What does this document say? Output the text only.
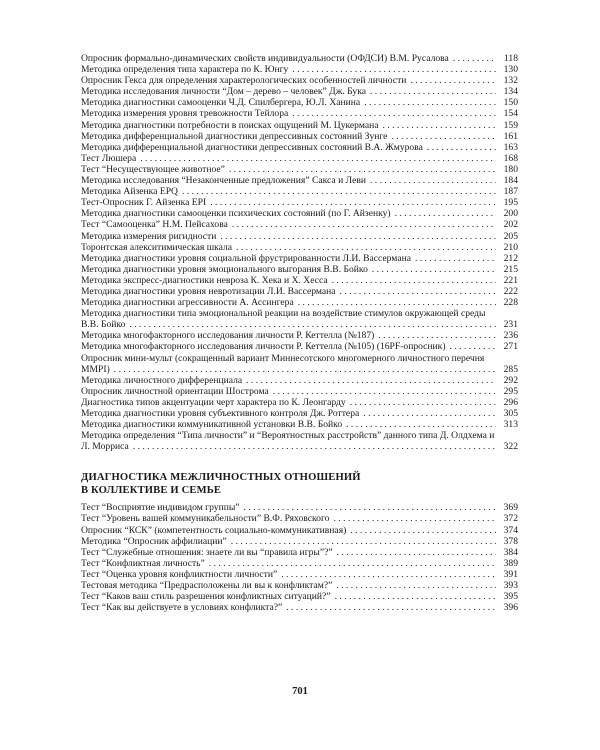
Опросник формально-динамических свойств индивидуальности (ОФДСИ) В.М. Русалова . . .	118
Методика определения типа характера по К. Юнгу . . .	130
Опросник Гекса для определения характерологических особенностей личности . . .	132
Методика исследования личности “Дом – дерево – человек” Дж. Бука . . .	134
Методика диагностики самооценки Ч.Д. Спилбергера, Ю.Л. Ханина . . .	150
Методика измерения уровня тревожности Тейлора . . .	154
Методика диагностики потребности в поисках ощущений М. Цукермана . . .	159
Методика дифференциальной диагностики депрессивных состояний Зунге . . .	161
Методика дифференциальной диагностики депрессивных состояний В.А. Жмурова . . .	163
Тест Люшера . . .	168
Тест “Несуществующее животное” . . .	180
Методика исследования “Незаконченные предложения” Сакса и Леви . . .	184
Методика Айзенка EPQ . . .	187
Тест-Опросник Г. Айзенка EPI . . .	195
Методика диагностики самооценки психических состояний (по Г. Айзенку) . . .	200
Тест “Самооценка” Н.М. Пейсахова . . .	202
Методика измерения ригидности . . .	205
Торонтская алекситимическая шкала . . .	210
Методика диагностики уровня социальной фрустрированности Л.И. Вассермана . . .	212
Методика диагностики уровня эмоционального выгорания В.В. Бойко . . .	215
Методика экспресс-диагностики невроза К. Хека и Х. Хесса . . .	221
Методика диагностики уровня невротизации Л.И. Вассермана . . .	222
Методика диагностики агрессивности А. Ассингера . . .	228
Методика диагностики типа эмоциональной реакции на воздействие стимулов окружающей среды В.В. Бойко . . .	231
Методика многофакторного исследования личности Р. Кеттелла (№187) . . .	236
Методика многофакторного исследования личности Р. Кеттелла (№105) (16PF-опросник) . . .	271
Опросник мини-мульт (сокращенный вариант Миннесотского многомерного личностного перечня MMPI) . . .	285
Методика личностного дифференциала . . .	292
Опросник личностной ориентации Шострома . . .	295
Диагностика типов акцентуации черт характера по К. Леонгарду . . .	296
Методика диагностики уровня субъективного контроля Дж. Роттера . . .	305
Методика диагностики коммуникативной установки В.В. Бойко . . .	313
Методика определения “Типа личности” и “Вероятностных расстройств” данного типа Д. Олдхема и Л. Морриса . . .	322
ДИАГНОСТИКА МЕЖЛИЧНОСТНЫХ ОТНОШЕНИЙ
В КОЛЛЕКТИВЕ И СЕМЬЕ
Тест “Восприятие индивидом группы” . . .	369
Тест “Уровень вашей коммуникабельности” В.Ф. Ряховского . . .	372
Опросник “КСК” (компетентность социально-коммуникативная) . . .	374
Методика “Опросник аффилиации” . . .	378
Тест “Служебные отношения: знаете ли вы “правила игры”?” . . .	384
Тест “Конфликтная личность” . . .	389
Тест “Оценка уровня конфликтности личности” . . .	391
Тестовая методика “Предрасположены ли вы к конфликтам?” . . .	393
Тест “Каков ваш стиль разрешения конфликтных ситуаций?” . . .	395
Тест “Как вы действуете в условиях конфликта?” . . .	396
701
